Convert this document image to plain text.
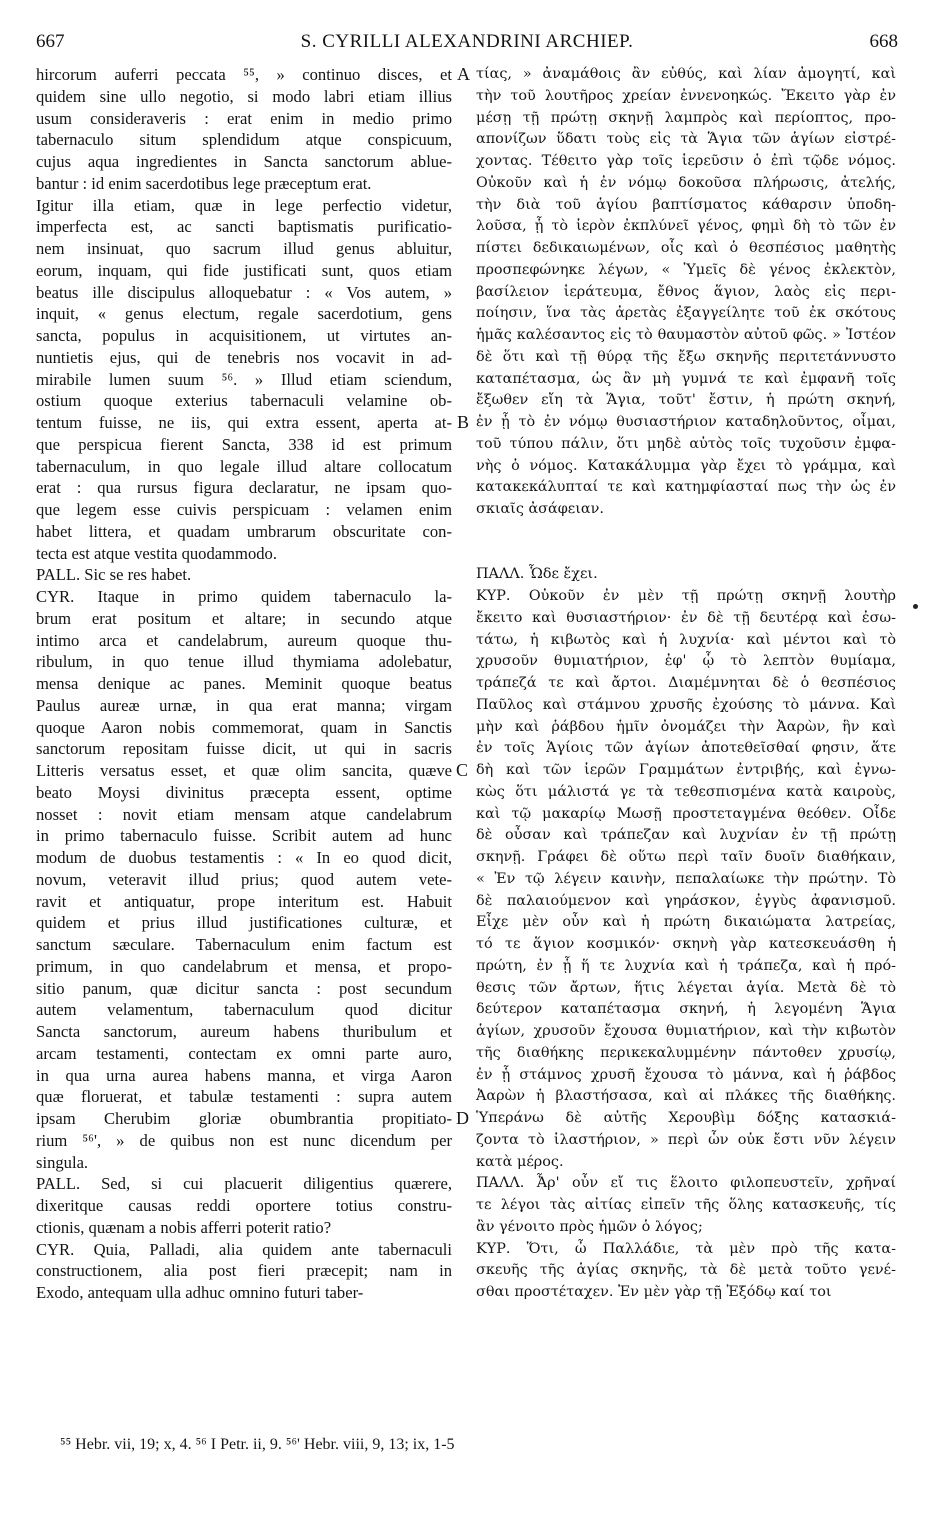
667	S. CYRILLI ALEXANDRINI ARCHIEP.	668
hircorum auferri peccata ⁵⁵, » continuo disces, et
quidem sine ullo negotio, si modo labri etiam illius
usum consideraveris : erat enim in medio primo
tabernaculo situm splendidum atque conspicuum,
cujus aqua ingredientes in Sancta sanctorum ablue-
bantur : id enim sacerdotibus lege præceptum erat.
Igitur illa etiam, quæ in lege perfectio videtur,
imperfecta est, ac sancti baptismatis purificatio-
nem insinuat, quo sacrum illud genus abluitur,
eorum, inquam, qui fide justificati sunt, quos etiam
beatus ille discipulus alloquebatur : « Vos autem, »
inquit, « genus electum, regale sacerdotium, gens
sancta, populus in acquisitionem, ut virtutes an-
nuntietis ejus, qui de tenebris nos vocavit in ad-
mirabile lumen suum ⁵⁶. » Illud etiam sciendum,
ostium quoque exterius tabernaculi velamine ob-
tentum fuisse, ne iis, qui extra essent, aperta at-
que perspicua fierent Sancta, 338 id est primum
tabernaculum, in quo legale illud altare collocatum
erat : qua rursus figura declaratur, ne ipsam quo-
que legem esse cuivis perspicuam : velamen enim
habet littera, et quadam umbrarum obscuritate con-
tecta est atque vestita quodammodo.
PALL. Sic se res habet.
CYR. Itaque in primo quidem tabernaculo la-
brum erat positum et altare; in secundo atque
intimo arca et candelabrum, aureum quoque thu-
ribulum, in quo tenue illud thymiama adolebatur,
mensa denique ac panes. Meminit quoque beatus
Paulus aureæ urnæ, in qua erat manna; virgam
quoque Aaron nobis commemorat, quam in Sanctis
sanctorum repositam fuisse dicit, ut qui in sacris
Litteris versatus esset, et quæ olim sancita, quæve
beato Moysi divinitus præcepta essent, optime
nosset : novit etiam mensam atque candelabrum
in primo tabernaculo fuisse. Scribit autem ad hunc
modum de duobus testamentis : « In eo quod dicit,
novum, veteravit illud prius; quod autem vete-
ravit et antiquatur, prope interitum est. Habuit
quidem et prius illud justificationes culturæ, et
sanctum sæculare. Tabernaculum enim factum est
primum, in quo candelabrum et mensa, et propo-
sitio panum, quæ dicitur sancta : post secundum
autem velamentum, tabernaculum quod dicitur
Sancta sanctorum, aureum habens thuribulum et
arcam testamenti, contectam ex omni parte auro,
in qua urna aurea habens manna, et virga Aaron
quæ floruerat, et tabulæ testamenti : supra autem
ipsam Cherubim gloriæ obumbrantia propitiato-
rium ⁵⁶', » de quibus non est nunc dicendum per
singula.
PALL. Sed, si cui placuerit diligentius quærere,
dixeritque causas reddi oportere totius constru-
ctionis, quænam a nobis afferri poterit ratio?
CYR. Quia, Palladi, alia quidem ante tabernaculi
constructionem, alia post fieri præcepit; nam in
Exodo, antequam ulla adhuc omnino futuri taber-
τίας, » ἀναμάθοις ἂν εὐθύς, καὶ λίαν ἀμογητί, καὶ
τὴν τοῦ λουτῆρος χρείαν ἐννενοηκώς. Ἔκειτο γὰρ ἐν
μέσῃ τῇ πρώτῃ σκηνῇ λαμπρὸς καὶ περίοπτος, προ-
απονίζων ὕδατι τοὺς εἰς τὰ Ἅγια τῶν ἁγίων εἰστρέ-
χοντας. Τέθειτο γὰρ τοῖς ἱερεῦσιν ὁ ἐπὶ τῷδε νόμος.
Οὐκοῦν καὶ ἡ ἐν νόμῳ δοκοῦσα πλήρωσις, ἀτελής,
τὴν διὰ τοῦ ἁγίου βαπτίσματος κάθαρσιν ὑποδη-
λοῦσα, ᾗ τὸ ἱερὸν ἐκπλύνεῖ γένος, φημὶ δὴ τὸ τῶν ἐν
πίστει δεδικαιωμένων, οἷς καὶ ὁ θεσπέσιος μαθητὴς
προσπεφώνηκε λέγων, « Ὑμεῖς δὲ γένος ἐκλεκτὸν,
βασίλειον ἱεράτευμα, ἔθνος ἅγιον, λαὸς εἰς περι-
ποίησιν, ἵνα τὰς ἀρετὰς ἐξαγγείλητε τοῦ ἐκ σκότους
ἡμᾶς καλέσαντος εἰς τὸ θαυμαστὸν αὐτοῦ φῶς. » Ἰστέον
δὲ ὅτι καὶ τῇ θύρᾳ τῆς ἔξω σκηνῆς περιτετάννυστο
καταπέτασμα, ὡς ἂν μὴ γυμνά τε καὶ ἐμφανῆ τοῖς
ἔξωθεν εἴη τὰ Ἅγια, τοῦτ' ἔστιν, ἡ πρώτη σκηνή,
ἐν ᾗ τὸ ἐν νόμῳ θυσιαστήριον καταδηλοῦντος, οἶμαι,
τοῦ τύπου πάλιν, ὅτι μηδὲ αὐτὸς τοῖς τυχοῦσιν ἐμφα-
νὴς ὁ νόμος. Κατακάλυμμα γὰρ ἔχει τὸ γράμμα, καὶ
κατακεκάλυπταί τε καὶ κατημφίασταί πως τὴν ὡς ἐν
σκιαῖς ἀσάφειαν.
ΠΑΛΛ. Ὧδε ἔχει.
ΚΥΡ. Οὐκοῦν ἐν μὲν τῇ πρώτῃ σκηνῇ λουτὴρ
ἔκειτο καὶ θυσιαστήριον· ἐν δὲ τῇ δευτέρᾳ καὶ ἐσω-
τάτω, ἡ κιβωτὸς καὶ ἡ λυχνία· καὶ μέντοι καὶ τὸ
χρυσοῦν θυμιατήριον, ἐφ' ᾧ τὸ λεπτὸν θυμίαμα,
τράπεζά τε καὶ ἄρτοι. Διαμέμνηται δὲ ὁ θεσπέσιος
Παῦλος καὶ στάμνου χρυσῆς ἐχούσης τὸ μάννα. Καὶ
μὴν καὶ ῥάβδου ἡμῖν ὀνομάζει τὴν Ἀαρὼν, ἣν καὶ
ἐν τοῖς Ἁγίοις τῶν ἁγίων ἀποτεθεῖσθαί φησιν, ἅτε
δὴ καὶ τῶν ἱερῶν Γραμμάτων ἐντριβής, καὶ ἐγνω-
κὼς ὅτι μάλιστά γε τὰ τεθεσπισμένα κατὰ καιροὺς,
καὶ τῷ μακαρίῳ Μωσῇ προστεταγμένα θεόθεν. Οἶδε
δὲ οὖσαν καὶ τράπεζαν καὶ λυχνίαν ἐν τῇ πρώτῃ
σκηνῇ. Γράφει δὲ οὕτω περὶ ταῖν δυοῖν διαθήκαιν,
« Ἐν τῷ λέγειν καινὴν, πεπαλαίωκε τὴν πρώτην. Τὸ
δὲ παλαιούμενον καὶ γηράσκον, ἐγγὺς ἀφανισμοῦ.
Εἶχε μὲν οὖν καὶ ἡ πρώτη δικαιώματα λατρείας,
τό τε ἅγιον κοσμικόν· σκηνὴ γὰρ κατεσκευάσθη ἡ
πρώτη, ἐν ᾗ ἥ τε λυχνία καὶ ἡ τράπεζα, καὶ ἡ πρό-
θεσις τῶν ἄρτων, ἥτις λέγεται ἁγία. Μετὰ δὲ τὸ
δεύτερον καταπέτασμα σκηνή, ἡ λεγομένη Ἅγια
ἁγίων, χρυσοῦν ἔχουσα θυμιατήριον, καὶ τὴν κιβωτὸν
τῆς διαθήκης περικεκαλυμμένην πάντοθεν χρυσίῳ,
ἐν ᾗ στάμνος χρυσῆ ἔχουσα τὸ μάννα, καὶ ἡ ῥάβδος
Ἀαρὼν ἡ βλαστήσασα, καὶ αἱ πλάκες τῆς διαθήκης.
Ὑπεράνω δὲ αὐτῆς Χερουβὶμ δόξης κατασκιά-
ζοντα τὸ ἱλαστήριον, » περὶ ὧν οὐκ ἔστι νῦν λέγειν
κατὰ μέρος.
ΠΑΛΛ. Ἆρ' οὖν εἴ τις ἕλοιτο φιλοπευστεῖν, χρῆναί
τε λέγοι τὰς αἰτίας εἰπεῖν τῆς ὅλης κατασκευῆς, τίς
ἂν γένοιτο πρὸς ἡμῶν ὁ λόγος;
ΚΥΡ. Ὅτι, ὦ Παλλάδιε, τὰ μὲν πρὸ τῆς κατα-
σκευῆς τῆς ἁγίας σκηνῆς, τὰ δὲ μετὰ τοῦτο γενέ-
σθαι προστέταχεν. Ἐν μὲν γὰρ τῇ Ἐξόδῳ καί τοι
A
B
C
D
⁵⁵ Hebr. vii, 19; x, 4. ⁵⁶ I Petr. ii, 9. ⁵⁶' Hebr. viii, 9, 13; ix, 1-5
